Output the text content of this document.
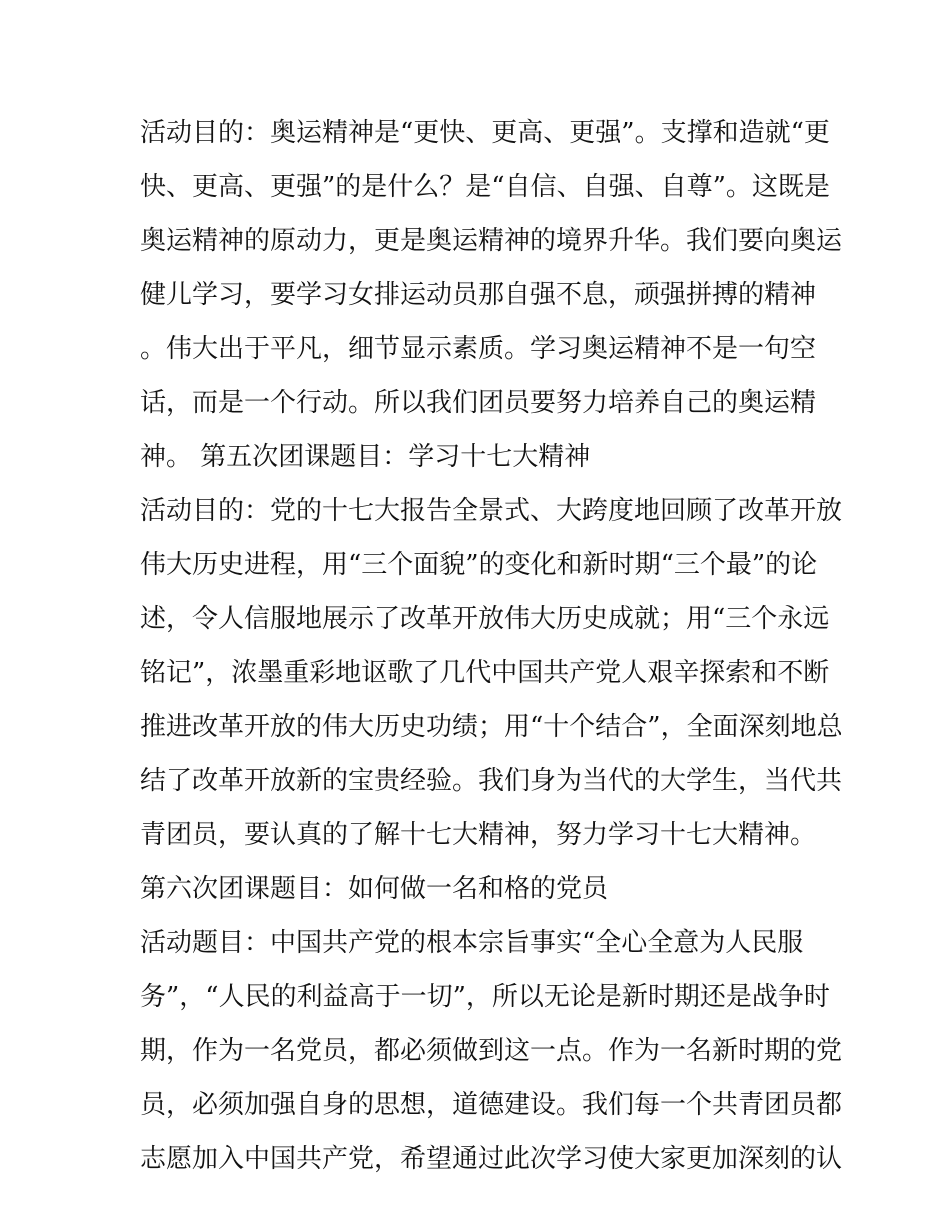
活动目的：奥运精神是“更快、更高、更强”。支撑和造就“更
快、更高、更强”的是什么？是“自信、自强、自尊”。这既是
奥运精神的原动力，更是奥运精神的境界升华。我们要向奥运
健儿学习，要学习女排运动员那自强不息，顽强拼搏的精神
。伟大出于平凡，细节显示素质。学习奥运精神不是一句空
话，而是一个行动。所以我们团员要努力培养自己的奥运精
神。 第五次团课题目：学习十七大精神
活动目的：党的十七大报告全景式、大跨度地回顾了改革开放
伟大历史进程，用“三个面貌”的变化和新时期“三个最”的论
述，令人信服地展示了改革开放伟大历史成就；用“三个永远
铭记”，浓墨重彩地讴歌了几代中国共产党人艰辛探索和不断
推进改革开放的伟大历史功绩；用“十个结合”，全面深刻地总
结了改革开放新的宝贵经验。我们身为当代的大学生，当代共
青团员，要认真的了解十七大精神，努力学习十七大精神。
第六次团课题目：如何做一名和格的党员
活动题目：中国共产党的根本宗旨事实“全心全意为人民服
务”，“人民的利益高于一切”，所以无论是新时期还是战争时
期，作为一名党员，都必须做到这一点。作为一名新时期的党
员，必须加强自身的思想，道德建设。我们每一个共青团员都
志愿加入中国共产党，希望通过此次学习使大家更加深刻的认
